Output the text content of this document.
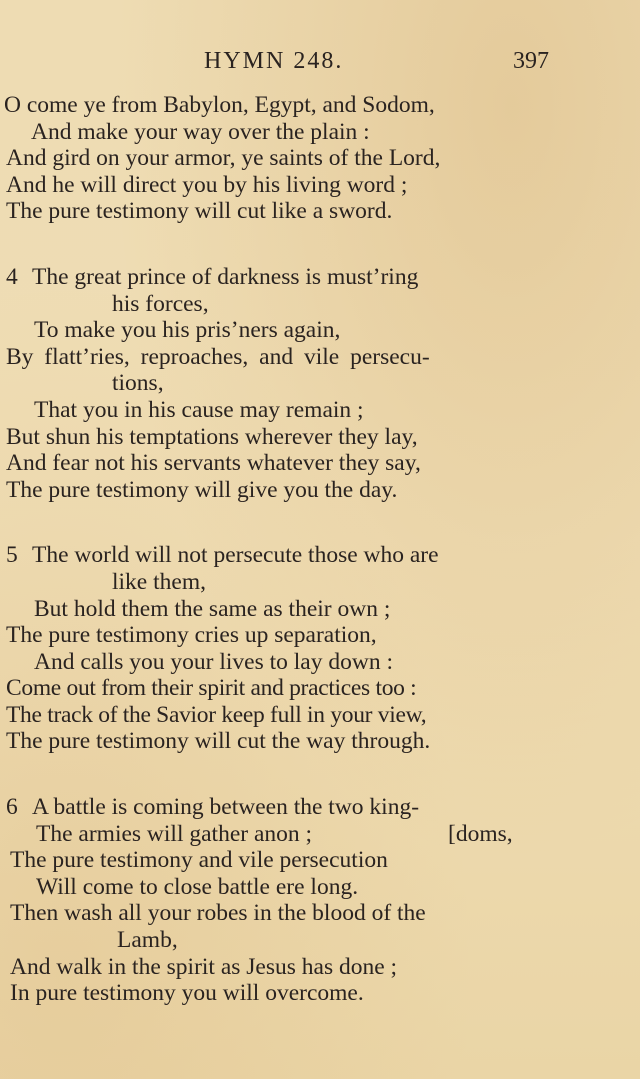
HYMN 248.	397
O come ye from Babylon, Egypt, and Sodom,
And make your way over the plain :
And gird on your armor, ye saints of the Lord,
And he will direct you by his living word ;
The pure testimony will cut like a sword.
4 The great prince of darkness is must’ring
his forces,
To make you his pris’ners again,
By flatt’ries, reproaches, and vile persecu-
tions,
That you in his cause may remain ;
But shun his temptations wherever they lay,
And fear not his servants whatever they say,
The pure testimony will give you the day.
5 The world will not persecute those who are
like them,
But hold them the same as their own ;
The pure testimony cries up separation,
And calls you your lives to lay down :
Come out from their spirit and practices too :
The track of the Savior keep full in your view,
The pure testimony will cut the way through.
6 A battle is coming between the two king-
The armies will gather anon ;	[doms,
The pure testimony and vile persecution
Will come to close battle ere long.
Then wash all your robes in the blood of the
Lamb,
And walk in the spirit as Jesus has done ;
In pure testimony you will overcome.
